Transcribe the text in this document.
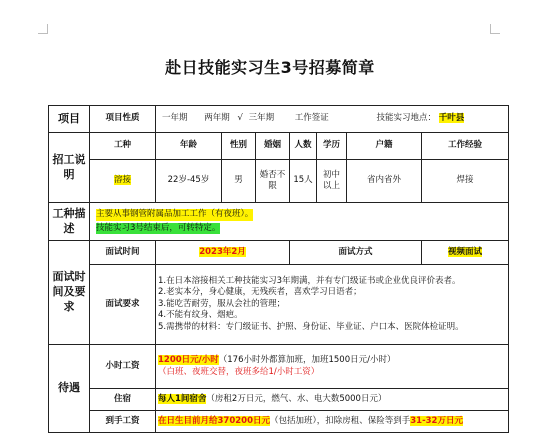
赴日技能实习生3号招募简章
项目	项目性质	一年期 两年期 √ 三年期 工作签证 技能实习地点： 千叶县						
招工说明	工种	年龄	性别	婚姻	人数	学历	户籍	工作经验
	溶接	22岁-45岁	男	婚否不限	15人	初中以上	省内省外	焊接
工种描述	主要从事钢管附属品加工工作（有夜班）。
技能实习3号结束后，可转特定。							
面试时间及要求	面试时间	2023年2月			面试方式			视频面试
	面试要求	1.在日本溶接相关工种技能实习3年期满，并有专门级证书或企业优良评价表者。
2.老实本分，身心健康，无残疾者，喜欢学习日语者；
3.能吃苦耐劳，服从会社的管理；
4.不能有纹身、烟疤。
5.需携带的材料：专门级证书、护照、身份证、毕业证、户口本、医院体检证明。						

待遇	小时工资	1200日元/小时（176小时外都算加班，加班1500日元/小时）
（白班、夜班交替，夜班多给1/小时工资）						

	住宿	每人1间宿舍（房租2万日元，燃气、水、电大数5000日元）						
	到手工资	在日生目前月给370200日元（包括加班），扣除房租、保险等到手31-32万日元						
